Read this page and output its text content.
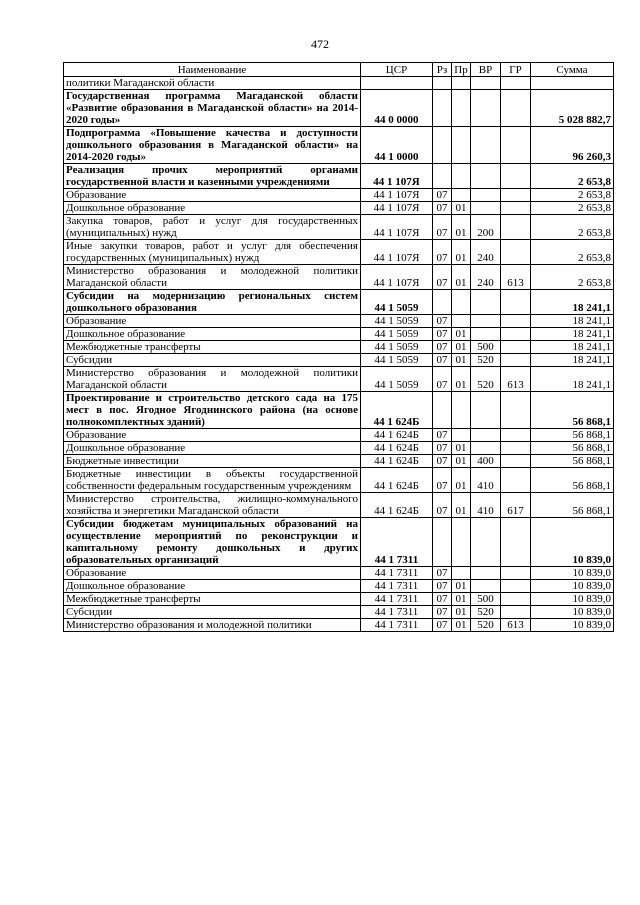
472
Наименование	ЦСР	Рз	Пр	ВР	ГР	Сумма
политики Магаданской области						
Государственная программа Магаданской области «Развитие образования в Магаданской области» на 2014-2020 годы»	44 0 0000					5 028 882,7
Подпрограмма «Повышение качества и доступности дошкольного образования в Магаданской области» на 2014-2020 годы»	44 1 0000					96 260,3
Реализация прочих мероприятий органами государственной власти и казенными учреждениями	44 1 107Я					2 653,8
Образование	44 1 107Я	07				2 653,8
Дошкольное образование	44 1 107Я	07	01			2 653,8
Закупка товаров, работ и услуг для государственных (муниципальных) нужд	44 1 107Я	07	01	200		2 653,8
Иные закупки товаров, работ и услуг для обеспечения государственных (муниципальных) нужд	44 1 107Я	07	01	240		2 653,8
Министерство образования и молодежной политики Магаданской области	44 1 107Я	07	01	240	613	2 653,8
Субсидии на модернизацию региональных систем дошкольного образования	44 1 5059					18 241,1
Образование	44 1 5059	07				18 241,1
Дошкольное образование	44 1 5059	07	01			18 241,1
Межбюджетные трансферты	44 1 5059	07	01	500		18 241,1
Субсидии	44 1 5059	07	01	520		18 241,1
Министерство образования и молодежной политики Магаданской области	44 1 5059	07	01	520	613	18 241,1
Проектирование и строительство детского сада на 175 мест в пос. Ягодное Ягоднинского района (на основе полнокомплектных зданий)	44 1 624Б					56 868,1
Образование	44 1 624Б	07				56 868,1
Дошкольное образование	44 1 624Б	07	01			56 868,1
Бюджетные инвестиции	44 1 624Б	07	01	400		56 868,1
Бюджетные инвестиции в объекты государственной собственности федеральным государственным учреждениям	44 1 624Б	07	01	410		56 868,1
Министерство строительства, жилищно-коммунального хозяйства и энергетики Магаданской области	44 1 624Б	07	01	410	617	56 868,1
Субсидии бюджетам муниципальных образований на осуществление мероприятий по реконструкции и капитальному ремонту дошкольных и других образовательных организаций	44 1 7311					10 839,0
Образование	44 1 7311	07				10 839,0
Дошкольное образование	44 1 7311	07	01			10 839,0
Межбюджетные трансферты	44 1 7311	07	01	500		10 839,0
Субсидии	44 1 7311	07	01	520		10 839,0
Министерство образования и молодежной политики	44 1 7311	07	01	520	613	10 839,0
